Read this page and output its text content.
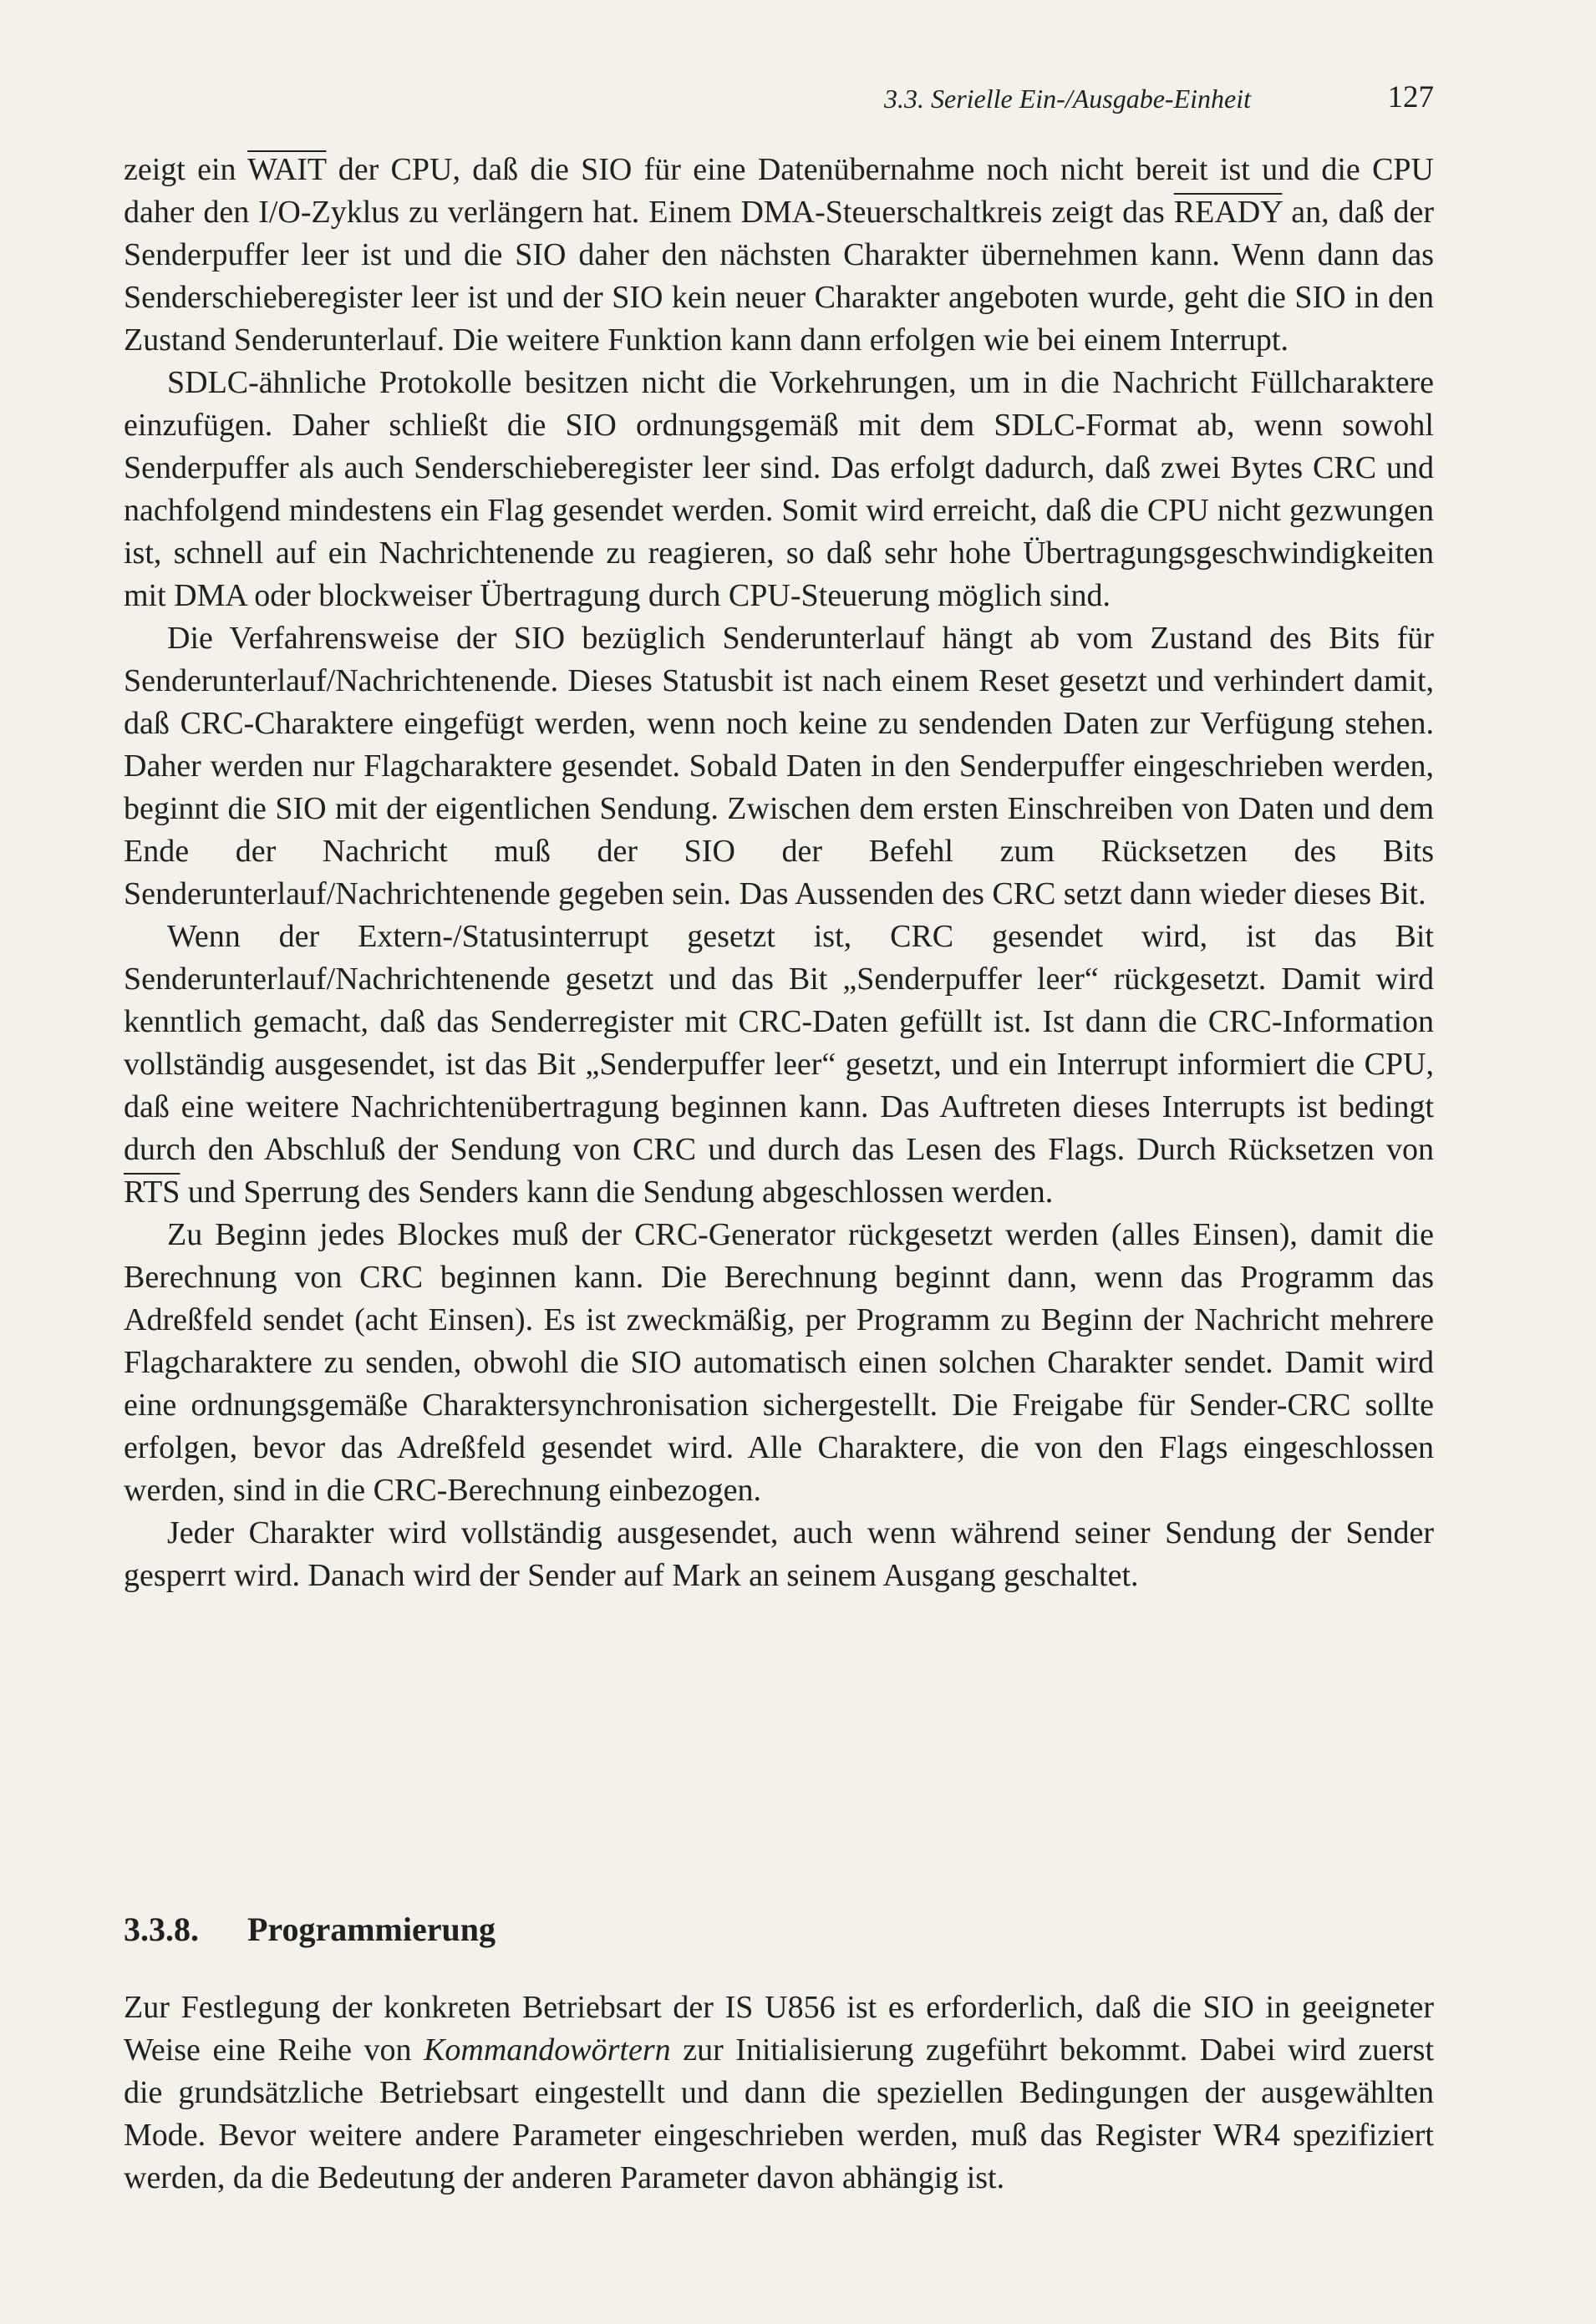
3.3. Serielle Ein-/Ausgabe-Einheit	127

zeigt ein WAIT der CPU, daß die SIO für eine Datenübernahme noch nicht bereit ist und die CPU daher den I/O-Zyklus zu verlängern hat. Einem DMA-Steuerschaltkreis zeigt das READY an, daß der Senderpuffer leer ist und die SIO daher den nächsten Charakter übernehmen kann. Wenn dann das Senderschieberegister leer ist und der SIO kein neuer Charakter angeboten wurde, geht die SIO in den Zustand Senderunterlauf. Die weitere Funktion kann dann erfolgen wie bei einem Interrupt.

SDLC-ähnliche Protokolle besitzen nicht die Vorkehrungen, um in die Nachricht Füllcharaktere einzufügen. Daher schließt die SIO ordnungsgemäß mit dem SDLC-Format ab, wenn sowohl Senderpuffer als auch Senderschieberegister leer sind. Das erfolgt dadurch, daß zwei Bytes CRC und nachfolgend mindestens ein Flag gesendet werden. Somit wird erreicht, daß die CPU nicht gezwungen ist, schnell auf ein Nachrichtenende zu reagieren, so daß sehr hohe Übertragungsgeschwindigkeiten mit DMA oder blockweiser Übertragung durch CPU-Steuerung möglich sind.

Die Verfahrensweise der SIO bezüglich Senderunterlauf hängt ab vom Zustand des Bits für Senderunterlauf/Nachrichtenende. Dieses Statusbit ist nach einem Reset gesetzt und verhindert damit, daß CRC-Charaktere eingefügt werden, wenn noch keine zu sendenden Daten zur Verfügung stehen. Daher werden nur Flagcharaktere gesendet. Sobald Daten in den Senderpuffer eingeschrieben werden, beginnt die SIO mit der eigentlichen Sendung. Zwischen dem ersten Einschreiben von Daten und dem Ende der Nachricht muß der SIO der Befehl zum Rücksetzen des Bits Senderunterlauf/Nachrichtenende gegeben sein. Das Aussenden des CRC setzt dann wieder dieses Bit.

Wenn der Extern-/Statusinterrupt gesetzt ist, CRC gesendet wird, ist das Bit Senderunterlauf/Nachrichtenende gesetzt und das Bit „Senderpuffer leer“ rückgesetzt. Damit wird kenntlich gemacht, daß das Senderregister mit CRC-Daten gefüllt ist. Ist dann die CRC-Information vollständig ausgesendet, ist das Bit „Senderpuffer leer“ gesetzt, und ein Interrupt informiert die CPU, daß eine weitere Nachrichtenübertragung beginnen kann. Das Auftreten dieses Interrupts ist bedingt durch den Abschluß der Sendung von CRC und durch das Lesen des Flags. Durch Rücksetzen von $\overline{RTS}$ und Sperrung des Senders kann die Sendung abgeschlossen werden.

Zu Beginn jedes Blockes muß der CRC-Generator rückgesetzt werden (alles Einsen), damit die Berechnung von CRC beginnen kann. Die Berechnung beginnt dann, wenn das Programm das Adreßfeld sendet (acht Einsen). Es ist zweckmäßig, per Programm zu Beginn der Nachricht mehrere Flagcharaktere zu senden, obwohl die SIO automatisch einen solchen Charakter sendet. Damit wird eine ordnungsgemäße Charaktersynchronisation sichergestellt. Die Freigabe für Sender-CRC sollte erfolgen, bevor das Adreßfeld gesendet wird. Alle Charaktere, die von den Flags eingeschlossen werden, sind in die CRC-Berechnung einbezogen.

Jeder Charakter wird vollständig ausgesendet, auch wenn während seiner Sendung der Sender gesperrt wird. Danach wird der Sender auf Mark an seinem Ausgang geschaltet.

3.3.8. Programmierung

Zur Festlegung der konkreten Betriebsart der IS U856 ist es erforderlich, daß die SIO in geeigneter Weise eine Reihe von Kommandowörtern zur Initialisierung zugeführt bekommt. Dabei wird zuerst die grundsätzliche Betriebsart eingestellt und dann die speziellen Bedingungen der ausgewählten Mode. Bevor weitere andere Parameter eingeschrieben werden, muß das Register WR4 spezifiziert werden, da die Bedeutung der anderen Parameter davon abhängig ist.
